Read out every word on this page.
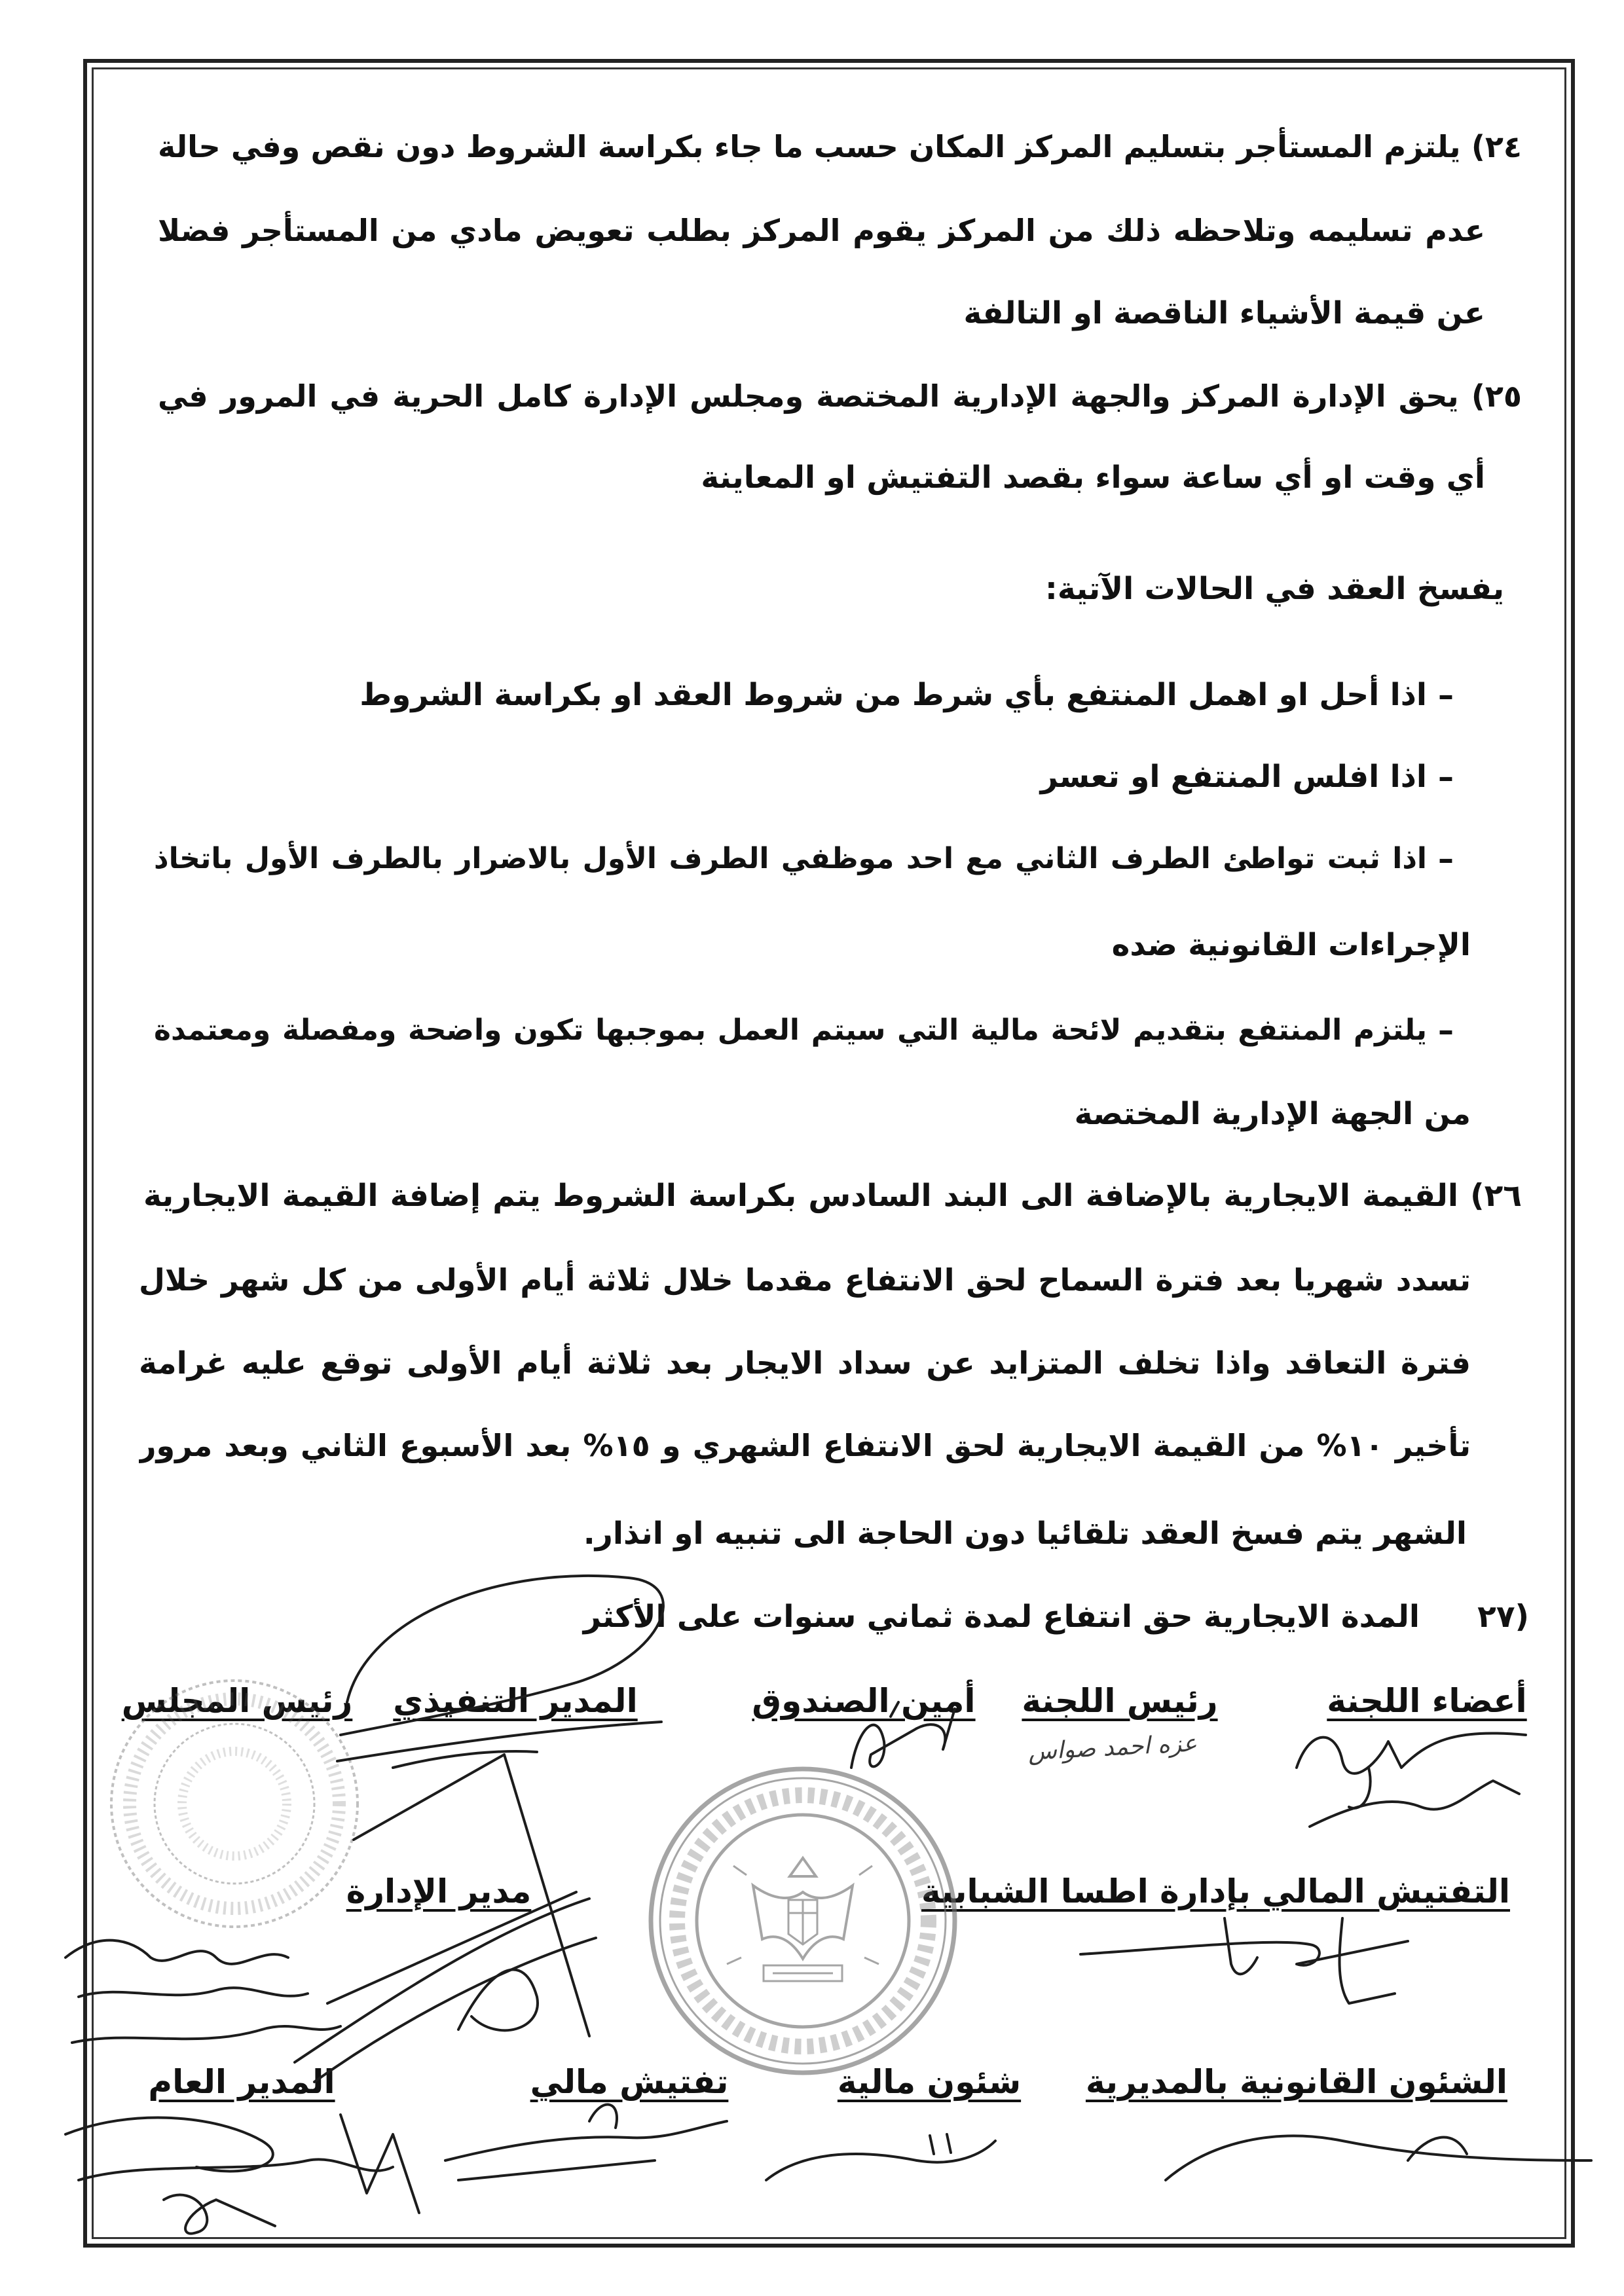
٢٤) يلتزم المستأجر بتسليم المركز المكان حسب ما جاء بكراسة الشروط دون نقص وفي حالة
عدم تسليمه وتلاحظه ذلك من المركز يقوم المركز بطلب تعويض مادي من المستأجر فضلا
عن قيمة الأشياء الناقصة او التالفة
٢٥) يحق الإدارة المركز والجهة الإدارية المختصة ومجلس الإدارة كامل الحرية في المرور في
أي وقت او أي ساعة سواء بقصد التفتيش او المعاينة
يفسخ العقد في الحالات الآتية:
–
اذا أحل او اهمل المنتفع بأي شرط من شروط العقد او بكراسة الشروط
–
اذا افلس المنتفع او تعسر
–
اذا ثبت تواطئ الطرف الثاني مع احد موظفي الطرف الأول بالاضرار بالطرف الأول باتخاذ
الإجراءات القانونية ضده
–
يلتزم المنتفع بتقديم لائحة مالية التي سيتم العمل بموجبها تكون واضحة ومفصلة ومعتمدة
من الجهة الإدارية المختصة
٢٦) القيمة الايجارية بالإضافة الى البند السادس بكراسة الشروط يتم إضافة القيمة الايجارية
تسدد شهريا بعد فترة السماح لحق الانتفاع مقدما خلال ثلاثة أيام الأولى من كل شهر خلال
فترة التعاقد واذا تخلف المتزايد عن سداد الايجار بعد ثلاثة أيام الأولى توقع عليه غرامة
تأخير ١٠% من القيمة الايجارية لحق الانتفاع الشهري و ١٥% بعد الأسبوع الثاني وبعد مرور
الشهر يتم فسخ العقد تلقائيا دون الحاجة الى تنبيه او انذار.
٢٧)
المدة الايجارية حق انتفاع لمدة ثماني سنوات على الأكثر
أعضاء اللجنة
رئيس اللجنة
أمين الصندوق
المدير التنفيذي
رئيس المجلس
عزه احمد صواس
التفتيش المالي بإدارة اطسا الشبابية
مدير الإدارة
الشئون القانونية بالمديرية
شئون مالية
تفتيش مالي
المدير العام
